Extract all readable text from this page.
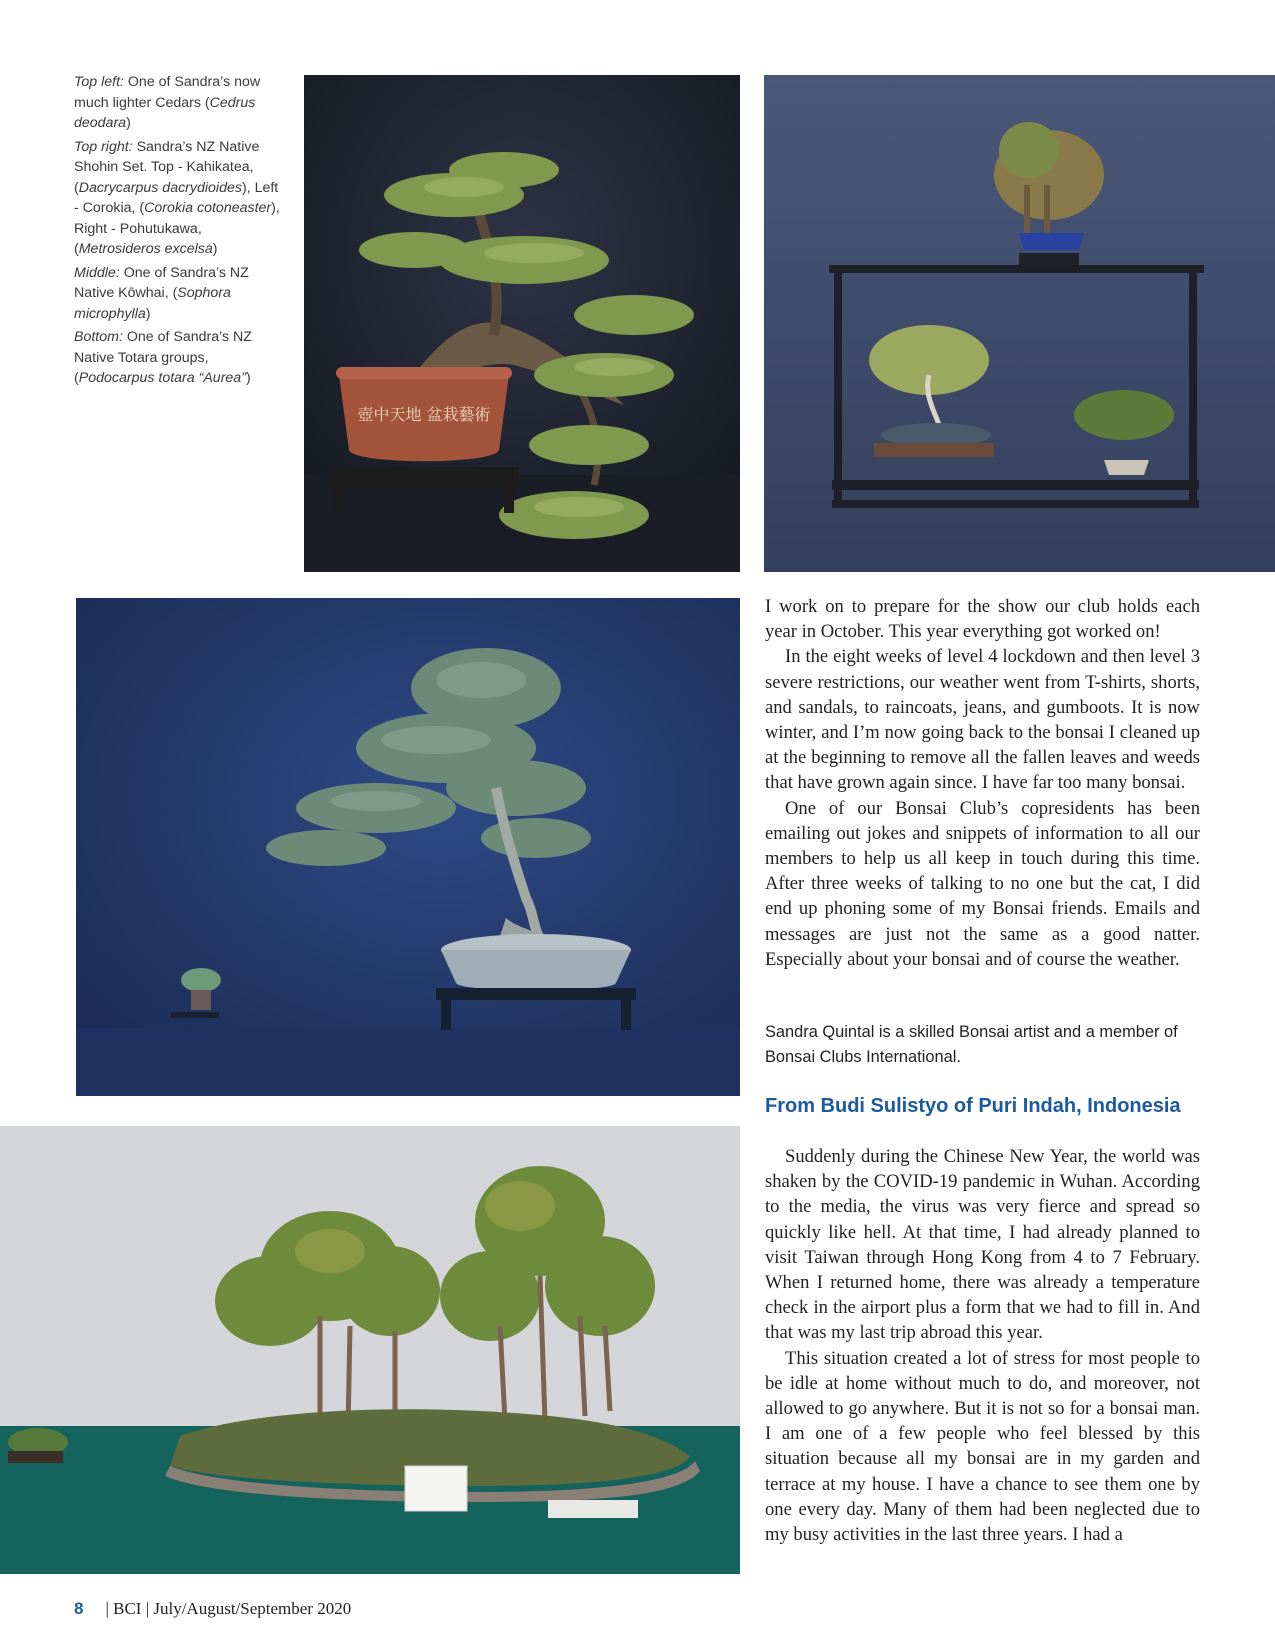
Top left: One of Sandra’s now much lighter Cedars (Cedrus deodara)

Top right: Sandra’s NZ Native Shohin Set. Top - Kahikatea, (Dacrycarpus dacrydioides), Left - Corokia, (Corokia cotoneaster), Right - Pohutukawa, (Metrosideros excelsa)

Middle: One of Sandra’s NZ Native Kōwhai, (Sophora microphylla)

Bottom: One of Sandra’s NZ Native Totara groups, (Podocarpus totara “Aurea”)

壺中天地 盆栽藝術

I work on to prepare for the show our club holds each year in October. This year everything got worked on!

In the eight weeks of level 4 lockdown and then level 3 severe restrictions, our weather went from T-shirts, shorts, and sandals, to raincoats, jeans, and gumboots. It is now winter, and I’m now going back to the bonsai I cleaned up at the beginning to remove all the fallen leaves and weeds that have grown again since. I have far too many bonsai.

One of our Bonsai Club’s copresidents has been emailing out jokes and snippets of information to all our members to help us all keep in touch during this time. After three weeks of talking to no one but the cat, I did end up phoning some of my Bonsai friends. Emails and messages are just not the same as a good natter. Especially about your bonsai and of course the weather.

Sandra Quintal is a skilled Bonsai artist and a member of Bonsai Clubs International.
From Budi Sulistyo of Puri Indah, Indonesia

Suddenly during the Chinese New Year, the world was shaken by the COVID-19 pandemic in Wuhan. According to the media, the virus was very fierce and spread so quickly like hell. At that time, I had already planned to visit Taiwan through Hong Kong from 4 to 7 February. When I returned home, there was already a temperature check in the airport plus a form that we had to fill in. And that was my last trip abroad this year.

This situation created a lot of stress for most people to be idle at home without much to do, and moreover, not allowed to go anywhere. But it is not so for a bonsai man. I am one of a few people who feel blessed by this situation because all my bonsai are in my garden and terrace at my house. I have a chance to see them one by one every day. Many of them had been neglected due to my busy activities in the last three years. I had a

8 | BCI | July/August/September 2020
